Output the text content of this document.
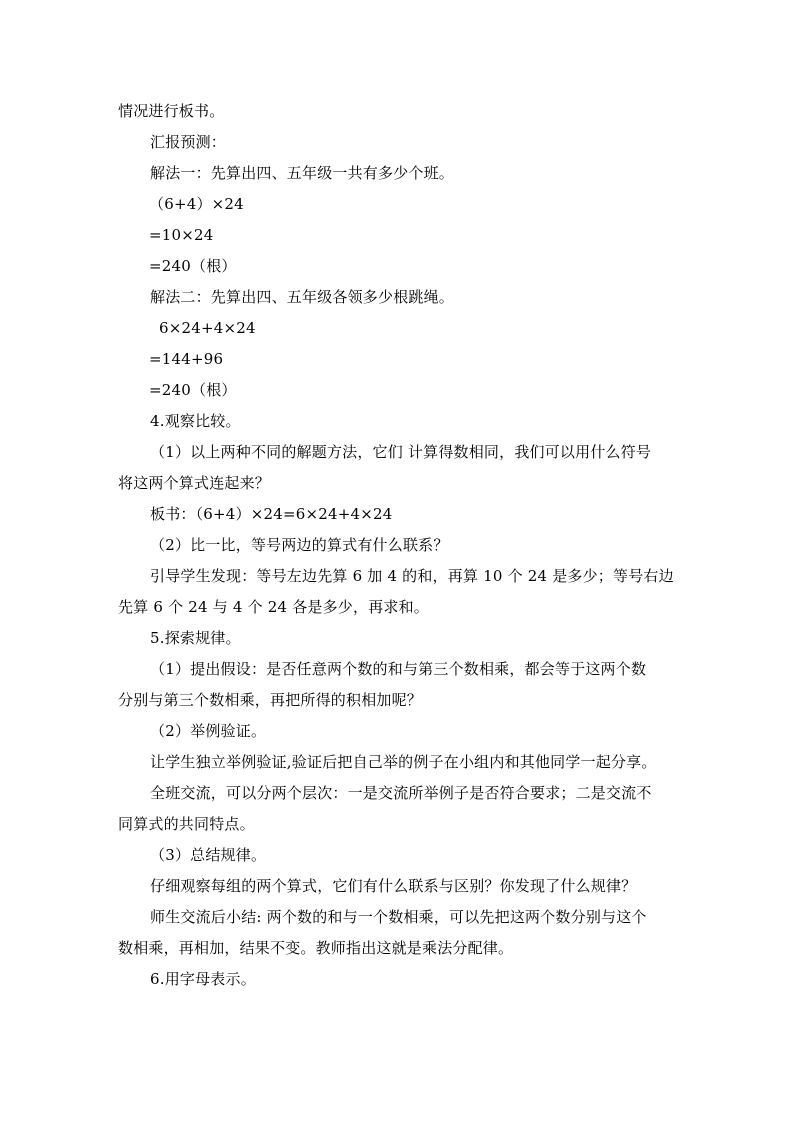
情况进行板书。
汇报预测：
解法一：先算出四、五年级一共有多少个班。
（6+4）×24
=10×24
=240（根）
解法二：先算出四、五年级各领多少根跳绳。
6×24+4×24
=144+96
=240（根）
4.观察比较。
（1）以上两种不同的解题方法，它们 计算得数相同，我们可以用什么符号
将这两个算式连起来？
板书：（6+4）×24=6×24+4×24
（2）比一比，等号两边的算式有什么联系？
引导学生发现：等号左边先算 6 加 4 的和，再算 10 个 24 是多少；等号右边
先算 6 个 24 与 4 个 24 各是多少，再求和。
5.探索规律。
（1）提出假设：是否任意两个数的和与第三个数相乘，都会等于这两个数
分别与第三个数相乘，再把所得的积相加呢？
（2）举例验证。
让学生独立举例验证,验证后把自己举的例子在小组内和其他同学一起分享。
全班交流，可以分两个层次：一是交流所举例子是否符合要求；二是交流不
同算式的共同特点。
（3）总结规律。
仔细观察每组的两个算式，它们有什么联系与区别？你发现了什么规律？
师生交流后小结: 两个数的和与一个数相乘，可以先把这两个数分别与这个
数相乘，再相加，结果不变。教师指出这就是乘法分配律。
6.用字母表示。
